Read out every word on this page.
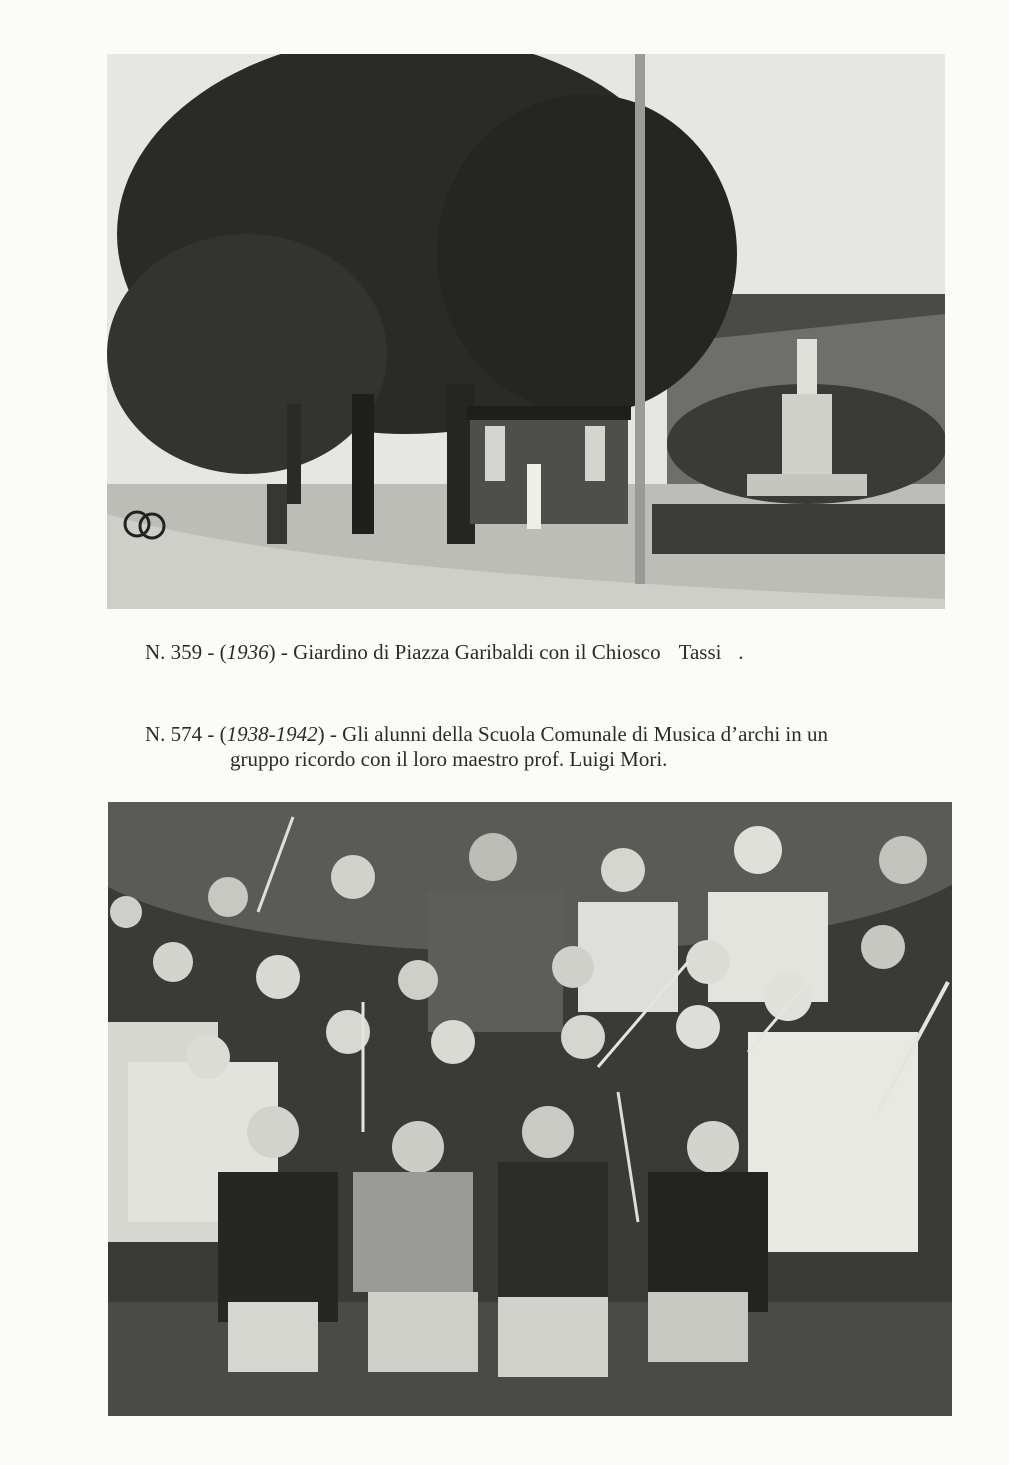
N. 359 - (1936) - Giardino di Piazza Garibaldi con il Chiosco Tassi .
N. 574 - (1938-1942) - Gli alunni della Scuola Comunale di Musica d’archi in un
gruppo ricordo con il loro maestro prof. Luigi Mori.
